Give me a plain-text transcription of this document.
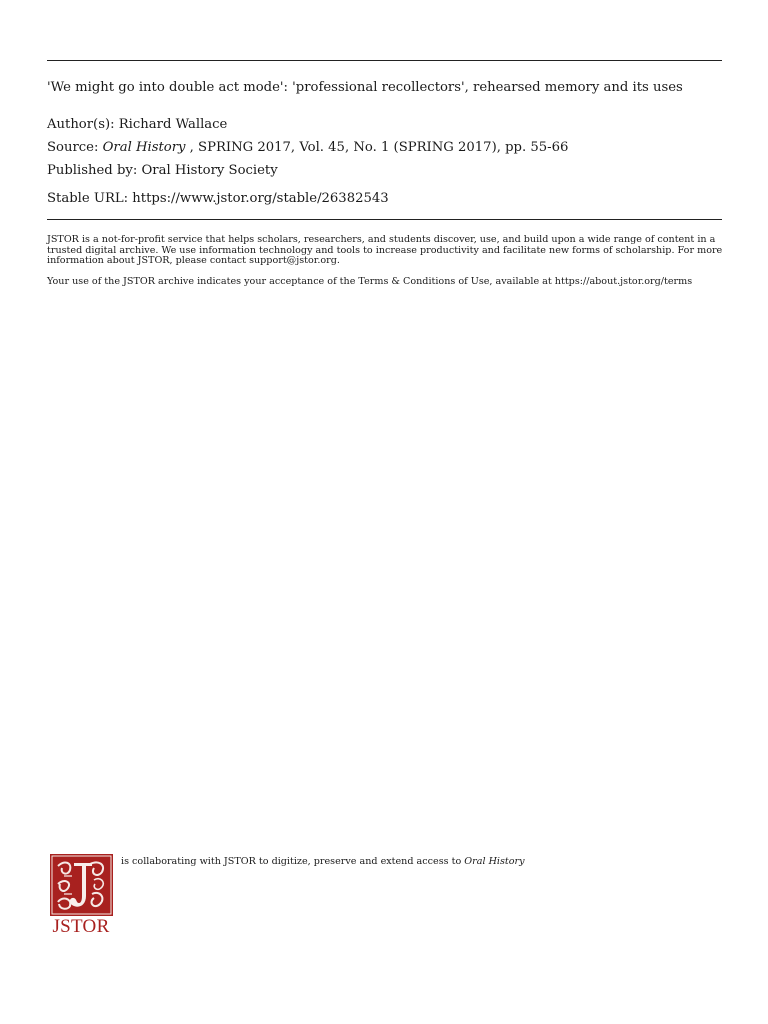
'We might go into double act mode': 'professional recollectors', rehearsed memory and its uses
Author(s): Richard Wallace
Source: Oral History , SPRING 2017, Vol. 45, No. 1 (SPRING 2017), pp. 55-66
Published by: Oral History Society
Stable URL: https://www.jstor.org/stable/26382543
JSTOR is a not-for-profit service that helps scholars, researchers, and students discover, use, and build upon a wide range of content in a trusted digital archive. We use information technology and tools to increase productivity and facilitate new forms of scholarship. For more information about JSTOR, please contact support@jstor.org.
Your use of the JSTOR archive indicates your acceptance of the Terms & Conditions of Use, available at https://about.jstor.org/terms
JSTOR
is collaborating with JSTOR to digitize, preserve and extend access to Oral History
